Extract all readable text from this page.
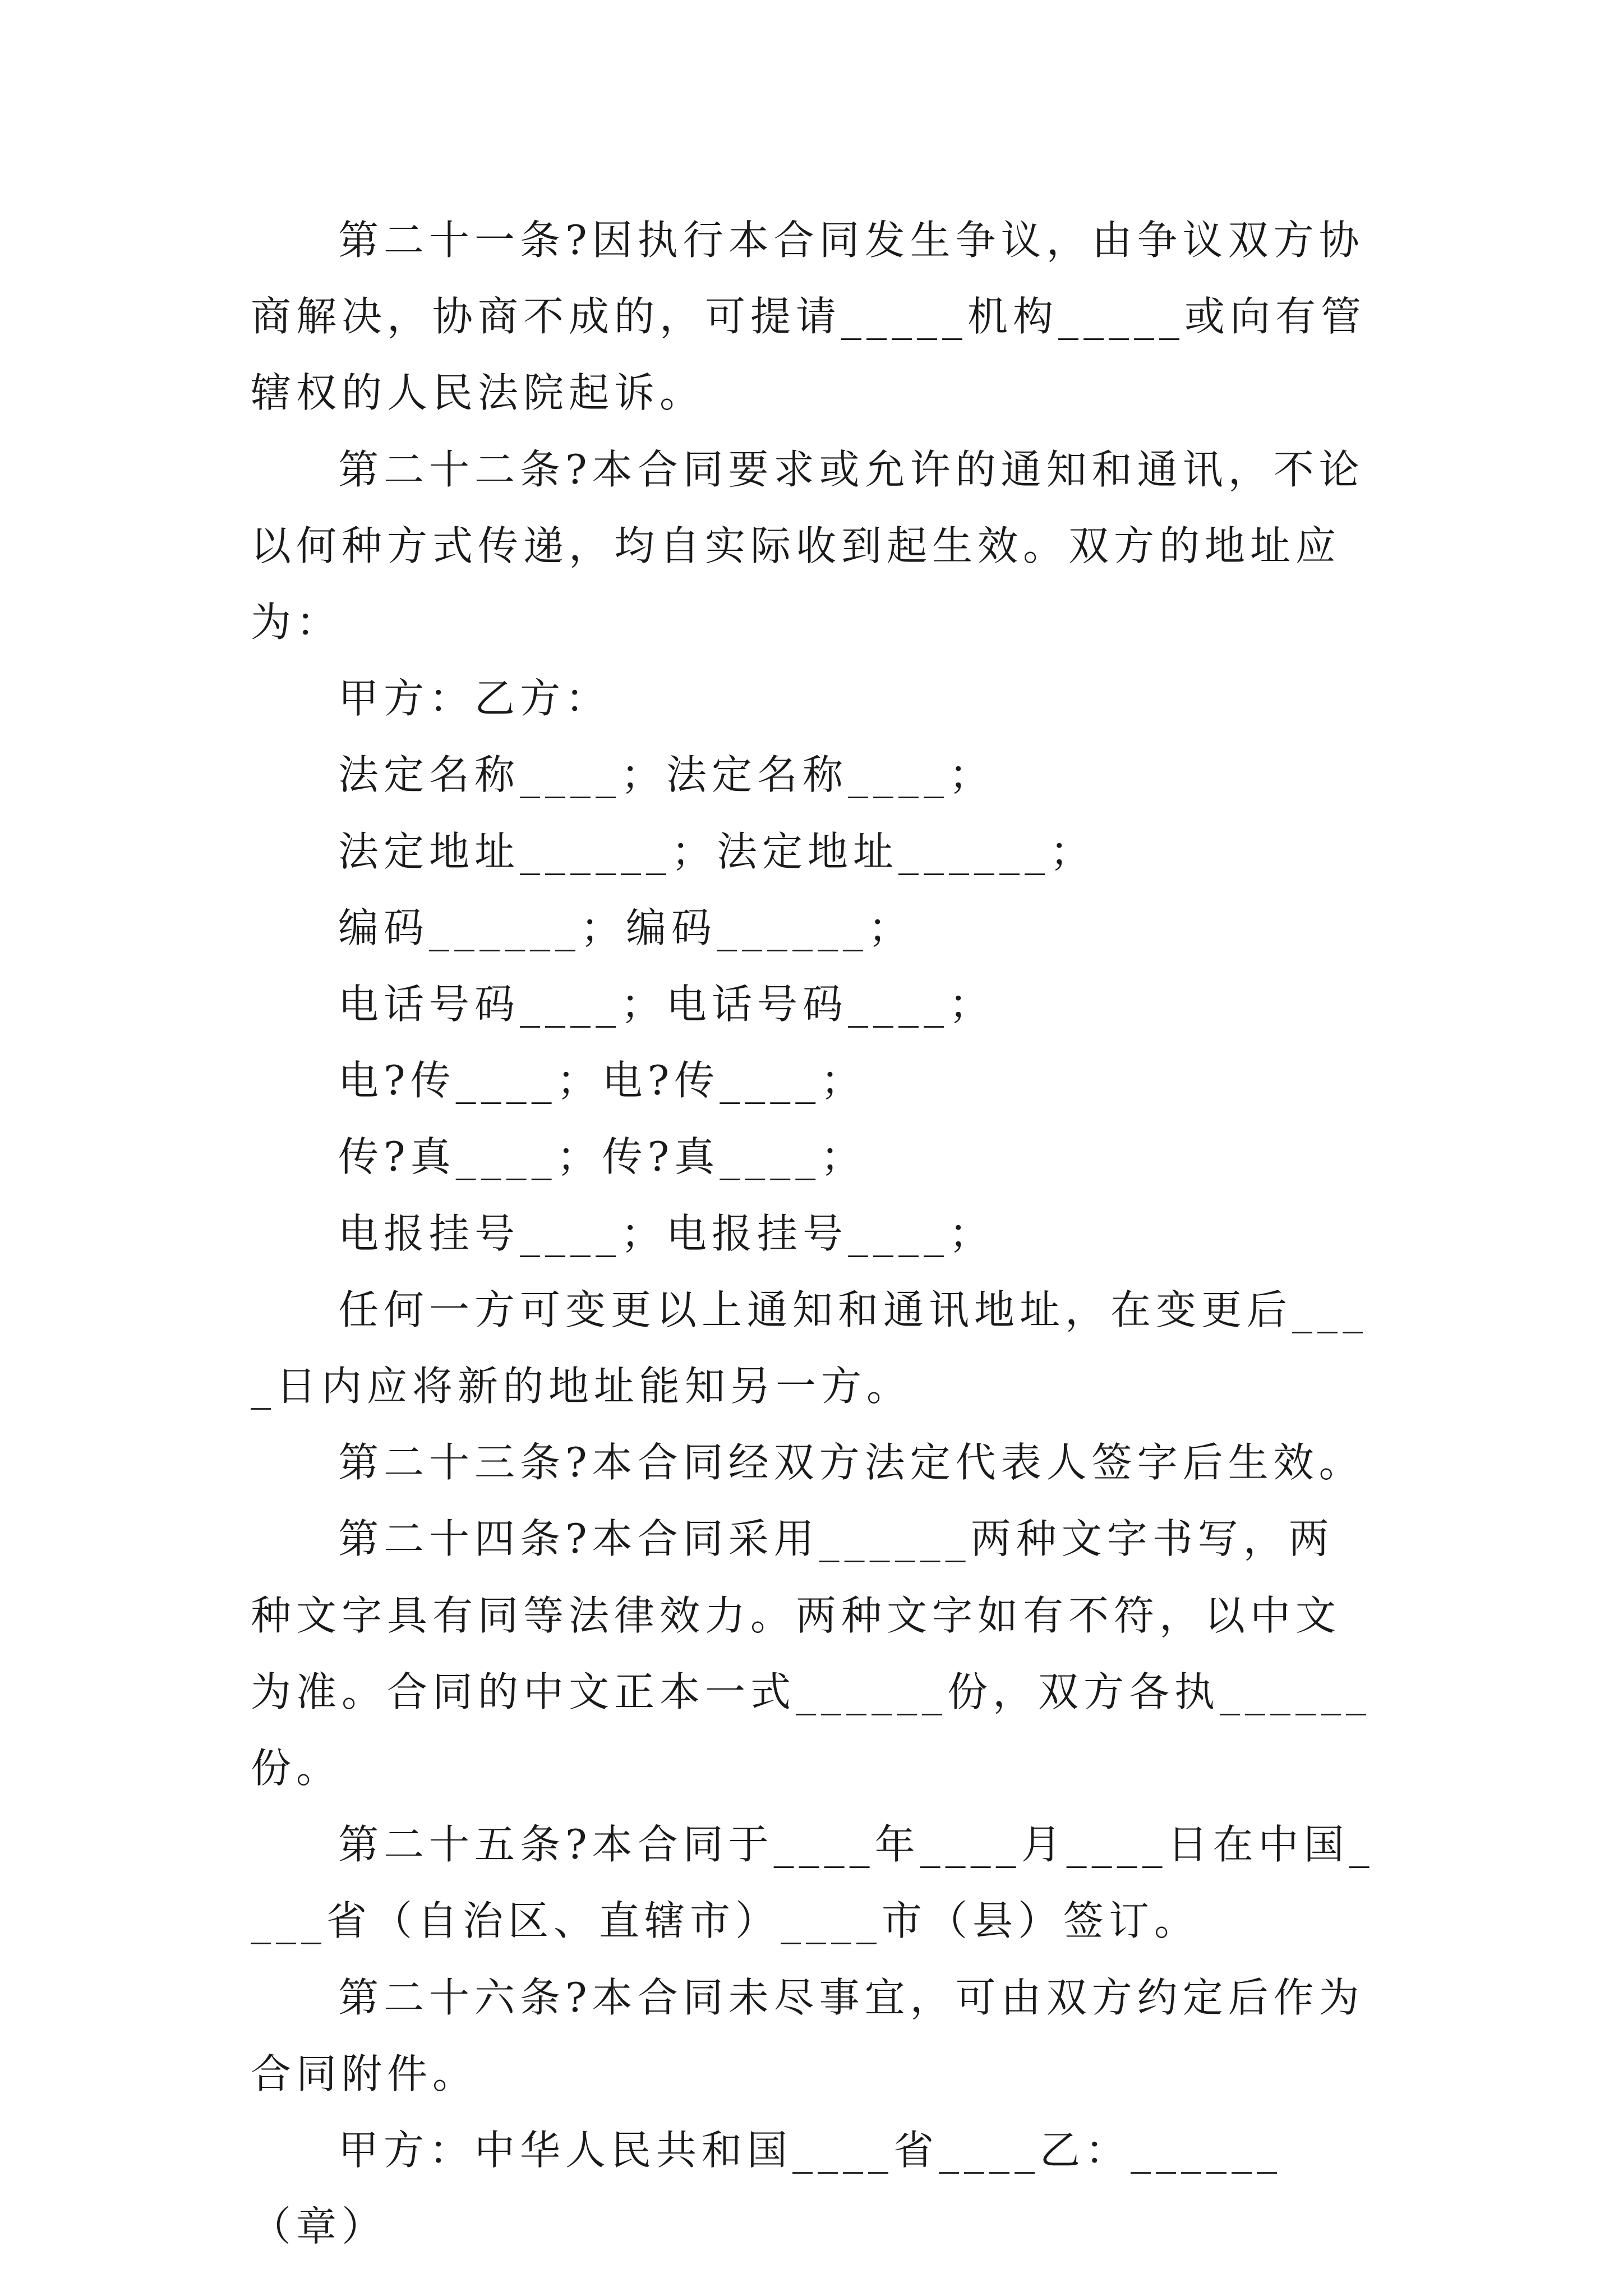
第二十一条?因执行本合同发生争议，由争议双方协商解决，协商不成的，可提请_____机构_____或向有管辖权的人民法院起诉。

第二十二条?本合同要求或允许的通知和通讯，不论以何种方式传递，均自实际收到起生效。双方的地址应为：

甲方：乙方：

法定名称____；法定名称____；

法定地址______；法定地址______；

编码______；编码______；

电话号码____；电话号码____；

电?传____；电?传____；

传?真____；传?真____；

电报挂号____；电报挂号____；

任何一方可变更以上通知和通讯地址，在变更后____日内应将新的地址能知另一方。

第二十三条?本合同经双方法定代表人签字后生效。

第二十四条?本合同采用______两种文字书写，两种文字具有同等法律效力。两种文字如有不符，以中文为准。合同的中文正本一式______份，双方各执______份。

第二十五条?本合同于____年____月____日在中国____省（自治区、直辖市）____市（县）签订。

第二十六条?本合同未尽事宜，可由双方约定后作为合同附件。

甲方：中华人民共和国____省____乙：______（章）
